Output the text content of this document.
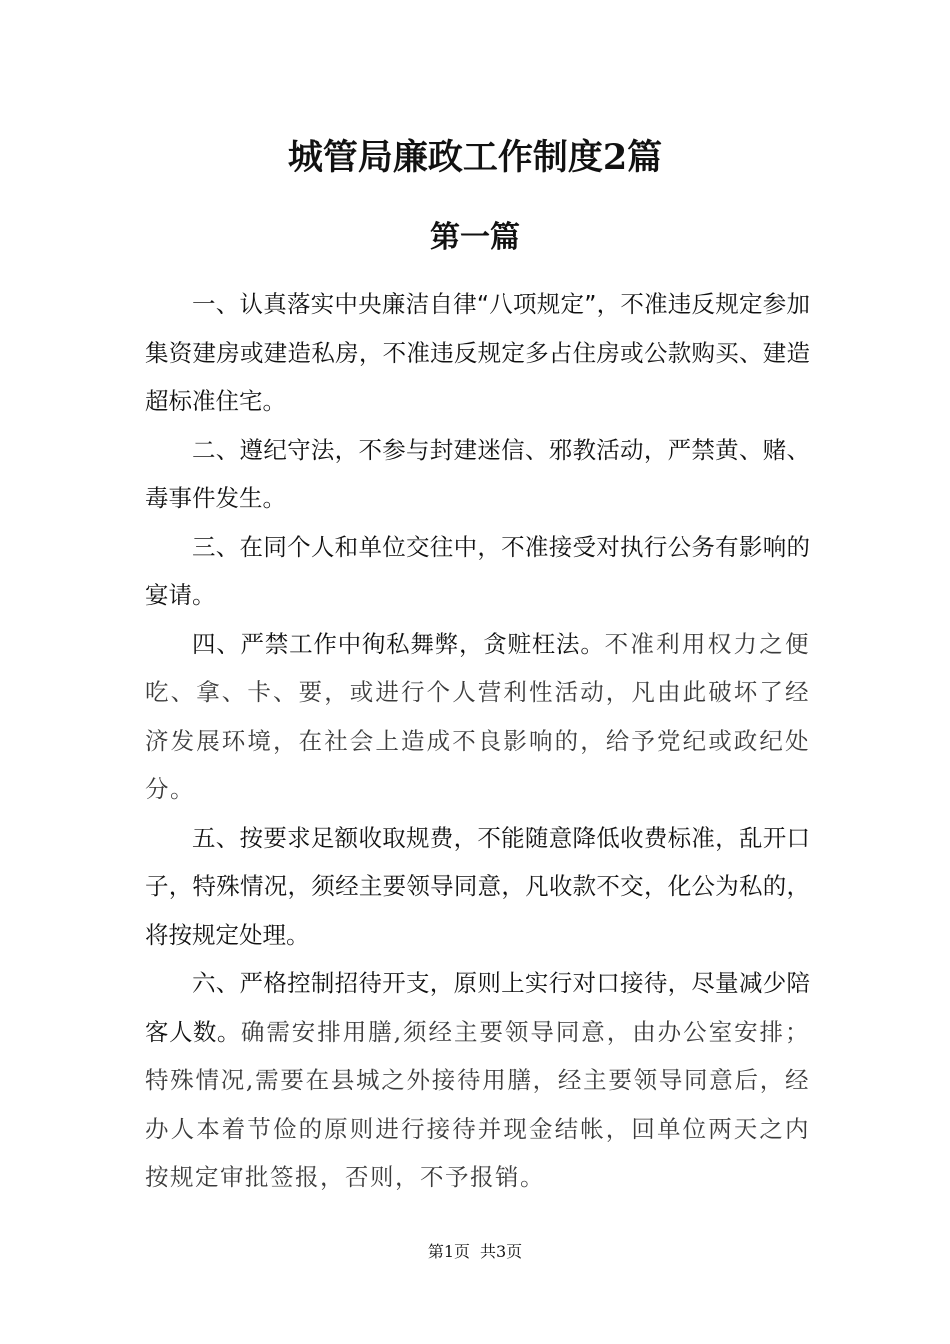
城管局廉政工作制度2篇
第一篇

一、认真落实中央廉洁自律“八项规定”，不准违反规定参加集资建房或建造私房，不准违反规定多占住房或公款购买、建造超标准住宅。

二、遵纪守法，不参与封建迷信、邪教活动，严禁黄、赌、毒事件发生。

三、在同个人和单位交往中，不准接受对执行公务有影响的宴请。

四、严禁工作中徇私舞弊，贪赃枉法。不准利用权力之便吃、拿、卡、要，或进行个人营利性活动，凡由此破坏了经济发展环境，在社会上造成不良影响的，给予党纪或政纪处分。

五、按要求足额收取规费，不能随意降低收费标准，乱开口子，特殊情况，须经主要领导同意，凡收款不交，化公为私的，将按规定处理。

六、严格控制招待开支，原则上实行对口接待，尽量减少陪客人数。确需安排用膳,须经主要领导同意，由办公室安排；特殊情况,需要在县城之外接待用膳，经主要领导同意后，经办人本着节俭的原则进行接待并现金结帐，回单位两天之内按规定审批签报，否则，不予报销。

第1页 共3页
